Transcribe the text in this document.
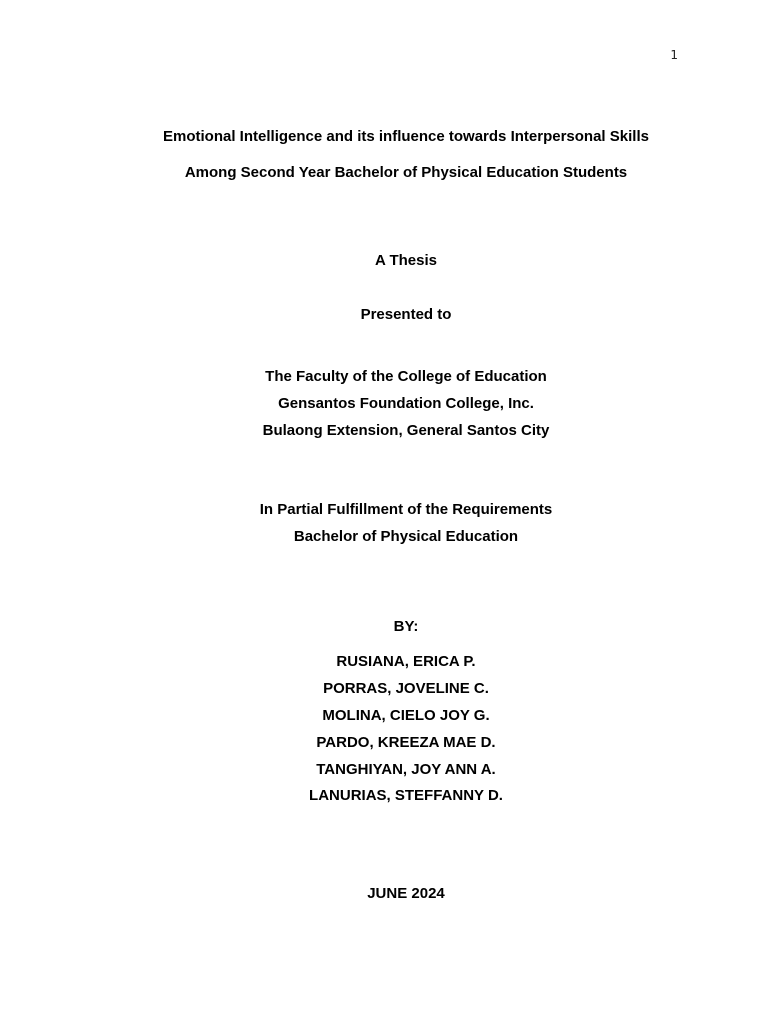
1
Emotional Intelligence and its influence towards Interpersonal Skills
Among Second Year Bachelor of Physical Education Students
A Thesis
Presented to
The Faculty of the College of Education
Gensantos Foundation College, Inc.
Bulaong Extension, General Santos City
In Partial Fulfillment of the Requirements
Bachelor of Physical Education
BY:
RUSIANA, ERICA P.
PORRAS, JOVELINE C.
MOLINA, CIELO JOY G.
PARDO, KREEZA MAE D.
TANGHIYAN, JOY ANN A.
LANURIAS, STEFFANNY D.
JUNE 2024
